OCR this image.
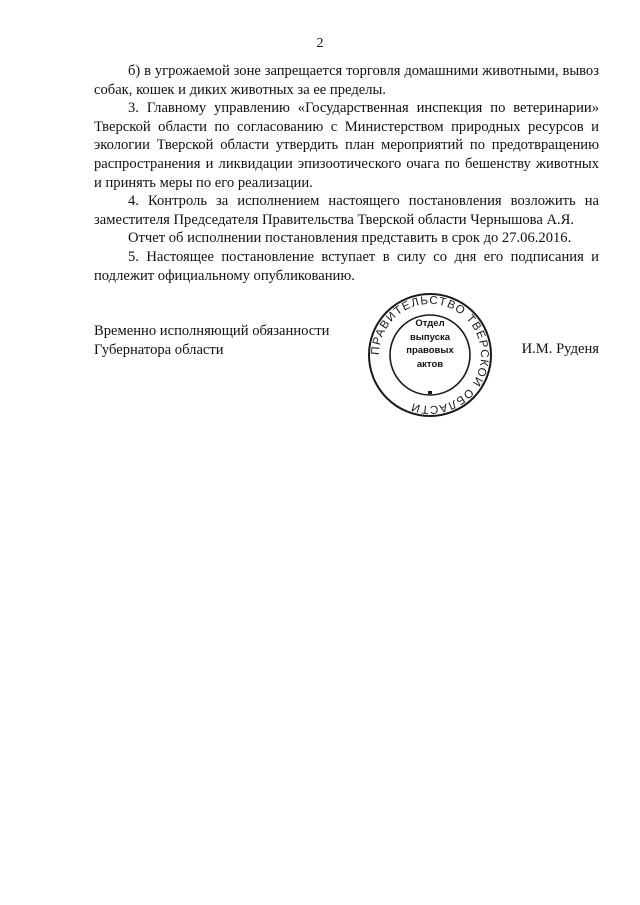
2

б) в угрожаемой зоне запрещается торговля домашними животными, вывоз собак, кошек и диких животных за ее пределы.

3. Главному управлению «Государственная инспекция по ветеринарии» Тверской области по согласованию с Министерством природных ресурсов и экологии Тверской области утвердить план мероприятий по предотвращению распространения и ликвидации эпизоотического очага по бешенству животных и принять меры по его реализации.

4. Контроль за исполнением настоящего постановления возложить на заместителя Председателя Правительства Тверской области Чернышова А.Я.

Отчет об исполнении постановления представить в срок до 27.06.2016.

5. Настоящее постановление вступает в силу со дня его подписания и подлежит официальному опубликованию.

Временно исполняющий обязанности
Губернатора области	ПРАВИТЕЛЬСТВО ТВЕРСКОЙ ОБЛАСТИ
Отдел
выпуска
правовых
актов
И.М. Руденя
